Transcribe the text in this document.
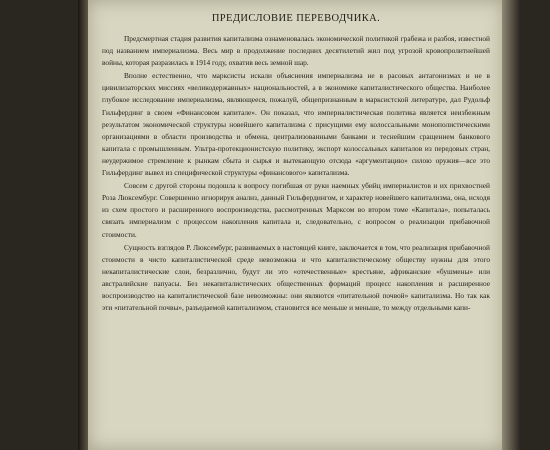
ПРЕДИСЛОВИЕ ПЕРЕВОДЧИКА.

Предсмертная стадия развития капитализма ознаменовалась экономической политикой грабежа и разбоя, известной под названием империализма. Весь мир в продолжение последних десятилетий жил под угрозой кровопролитнейшей войны, которая разразилась в 1914 году, охватив весь земной шар.

Вполне естественно, что марксисты искали объяснения империализма не в расовых антагонизмах и не в цивилизаторских миссиях «великодержавных» национальностей, а в экономике капиталистического общества. Наиболее глубокое исследование империализма, являющееся, пожалуй, общепризнанным в марксистской литературе, дал Рудольф Гильфердинг в своем «Финансовом капитале». Он показал, что империалистическая политика является неизбежным результатом экономической структуры новейшего капитализма с присущими ему колоссальными монополистическими организациями в области производства и обмена, централизованными банками и теснейшим сращением банкового капитала с промышленным. Ультра-протекционистскую политику, экспорт колоссальных капиталов из передовых стран, неудержимое стремление к рынкам сбыта и сырья и вытекающую отсюда «аргументацию» силою оружия—все это Гильфердинг вывел из специфической структуры «финансового» капитализма.

Совсем с другой стороны подошла к вопросу погибшая от руки наемных убийц империалистов и их прихвостней Роза Люксембург. Совершенно игнорируя анализ, данный Гильфердингом, и характер новейшего капитализма, она, исходя из схем простого и расширенного воспроизводства, рассмотренных Марксом во втором томе «Капитала», попыталась связать империализм с процессом накопления капитала и, следовательно, с вопросом о реализации прибавочной стоимости.

Сущность взглядов Р. Люксембург, развиваемых в настоящей книге, заключается в том, что реализация прибавочной стоимости в чисто капиталистической среде невозможна и что капиталистическому обществу нужны для этого некапиталистические слои, безразлично, будут ли это «отечественные» крестьяне, африканские «бушмены» или австралийские папуасы. Без некапиталистических общественных формаций процесс накопления и расширенное воспроизводство на капиталистической базе невозможны: они являются «питательной почвой» капитализма. Но так как эти «питательной почвы», разъедаемой капитализмом, становится все меньше и меньше, то между отдельными капи-
